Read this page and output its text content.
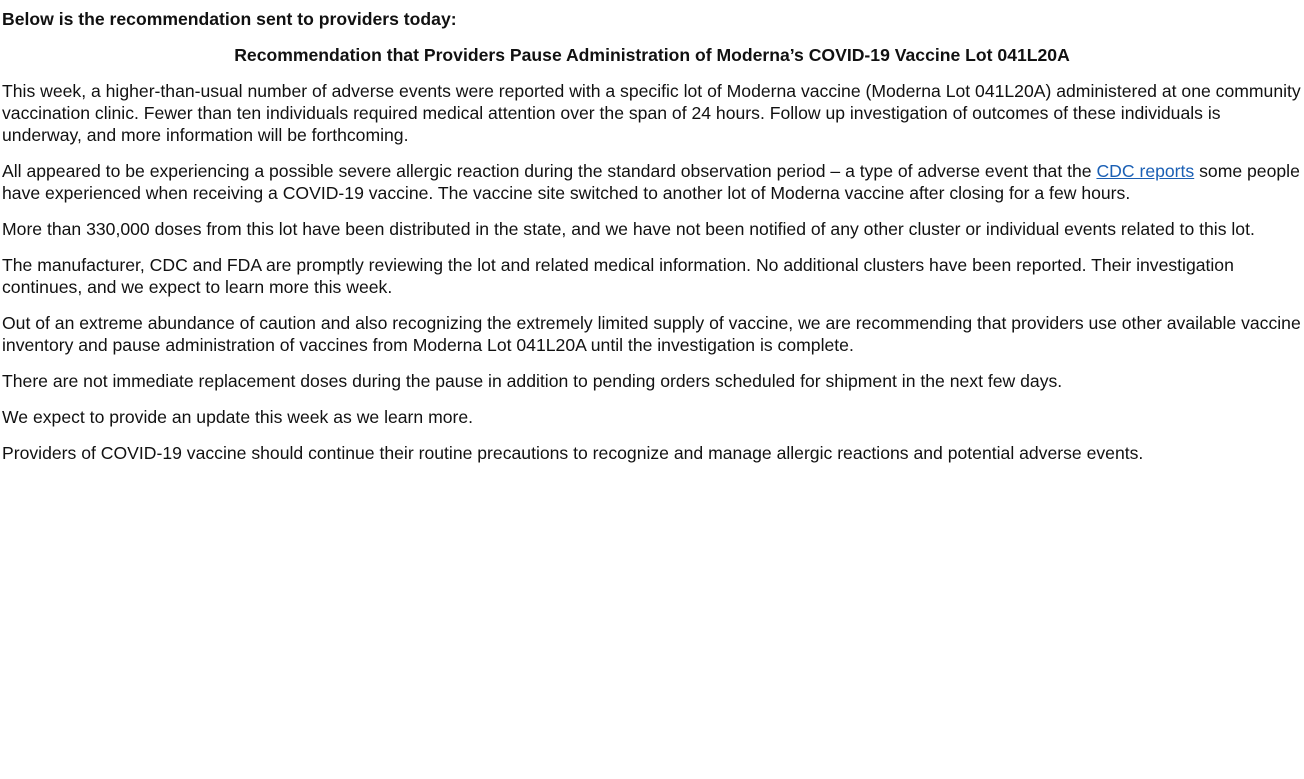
Below is the recommendation sent to providers today:
Recommendation that Providers Pause Administration of Moderna’s COVID-19 Vaccine Lot 041L20A

This week, a higher-than-usual number of adverse events were reported with a specific lot of Moderna vaccine (Moderna Lot 041L20A) administered at one community vaccination clinic. Fewer than ten individuals required medical attention over the span of 24 hours. Follow up investigation of outcomes of these individuals is underway, and more information will be forthcoming.

All appeared to be experiencing a possible severe allergic reaction during the standard observation period – a type of adverse event that the CDC reports some people have experienced when receiving a COVID-19 vaccine. The vaccine site switched to another lot of Moderna vaccine after closing for a few hours.

More than 330,000 doses from this lot have been distributed in the state, and we have not been notified of any other cluster or individual events related to this lot.

The manufacturer, CDC and FDA are promptly reviewing the lot and related medical information. No additional clusters have been reported. Their investigation continues, and we expect to learn more this week.

Out of an extreme abundance of caution and also recognizing the extremely limited supply of vaccine, we are recommending that providers use other available vaccine inventory and pause administration of vaccines from Moderna Lot 041L20A until the investigation is complete.

There are not immediate replacement doses during the pause in addition to pending orders scheduled for shipment in the next few days.

We expect to provide an update this week as we learn more.

Providers of COVID-19 vaccine should continue their routine precautions to recognize and manage allergic reactions and potential adverse events.
